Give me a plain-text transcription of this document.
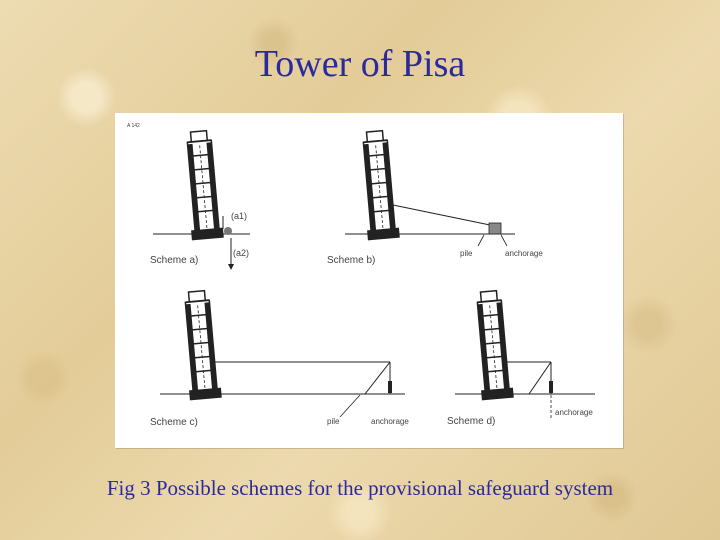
Tower of Pisa
A 142
(a1)
(a2)
Scheme a)
pile	anchorage
Scheme b)
pile	anchorage
Scheme c)
anchorage
Scheme d)
Fig 3 Possible schemes for the provisional safeguard system
